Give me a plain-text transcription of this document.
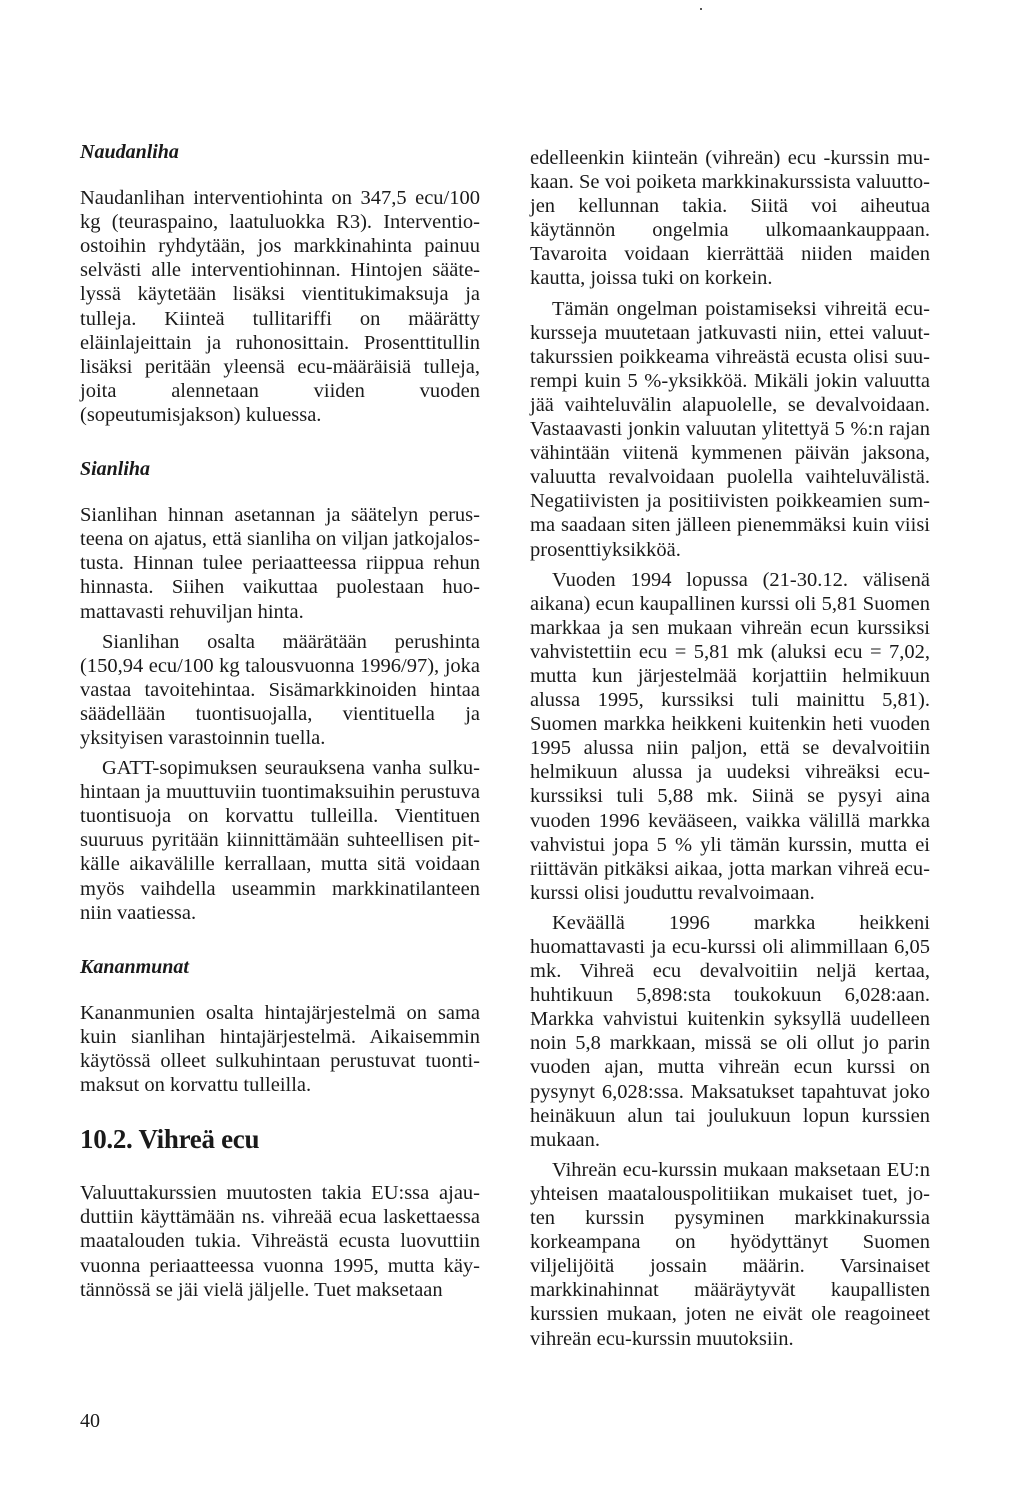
Naudanliha

Naudanlihan interventiohinta on 347,5 ecu/100 kg (teuraspaino, laatuluokka R3). Interventioostoihin ryhdytään, jos markkinahinta painuu selvästi alle interventiohinnan. Hintojen säätelyssä käytetään lisäksi vientitukimaksuja ja tulleja. Kiinteä tullitariffi on määrätty eläinlajeittain ja ruhonosittain. Prosenttitullin lisäksi peritään yleensä ecu-määräisiä tulleja, joita alennetaan viiden vuoden (sopeutumisjakson) kuluessa.

Sianliha

Sianlihan hinnan asetannan ja säätelyn perusteena on ajatus, että sianliha on viljan jatkojalostusta. Hinnan tulee periaatteessa riippua rehun hinnasta. Siihen vaikuttaa puolestaan huomattavasti rehuviljan hinta.

Sianlihan osalta määrätään perushinta (150,94 ecu/100 kg talousvuonna 1996/97), joka vastaa tavoitehintaa. Sisämarkkinoiden hintaa säädellään tuontisuojalla, vientituella ja yksityisen varastoinnin tuella.

GATT-sopimuksen seurauksena vanha sulkuhintaan ja muuttuviin tuontimaksuihin perustuva tuontisuoja on korvattu tulleilla. Vientituen suuruus pyritään kiinnittämään suhteellisen pitkälle aikavälille kerrallaan, mutta sitä voidaan myös vaihdella useammin markkinatilanteen niin vaatiessa.

Kananmunat

Kananmunien osalta hintajärjestelmä on sama kuin sianlihan hintajärjestelmä. Aikaisemmin käytössä olleet sulkuhintaan perustuvat tuontimaksut on korvattu tulleilla.

10.2. Vihreä ecu

Valuuttakurssien muutosten takia EU:ssa ajauduttiin käyttämään ns. vihreää ecua laskettaessa maatalouden tukia. Vihreästä ecusta luovuttiin vuonna periaatteessa vuonna 1995, mutta käytännössä se jäi vielä jäljelle. Tuet maksetaan

edelleenkin kiinteän (vihreän) ecu -kurssin mukaan. Se voi poiketa markkinakurssista valuuttojen kellunnan takia. Siitä voi aiheutua käytännön ongelmia ulkomaankauppaan. Tavaroita voidaan kierrättää niiden maiden kautta, joissa tuki on korkein.

Tämän ongelman poistamiseksi vihreitä ecukursseja muutetaan jatkuvasti niin, ettei valuuttakurssien poikkeama vihreästä ecusta olisi suurempi kuin 5 %-yksikköä. Mikäli jokin valuutta jää vaihteluvälin alapuolelle, se devalvoidaan. Vastaavasti jonkin valuutan ylitettyä 5 %:n rajan vähintään viitenä kymmenen päivän jaksona, valuutta revalvoidaan puolella vaihteluvälistä. Negatiivisten ja positiivisten poikkeamien summa saadaan siten jälleen pienemmäksi kuin viisi prosenttiyksikköä.

Vuoden 1994 lopussa (21-30.12. välisenä aikana) ecun kaupallinen kurssi oli 5,81 Suomen markkaa ja sen mukaan vihreän ecun kurssiksi vahvistettiin ecu = 5,81 mk (aluksi ecu = 7,02, mutta kun järjestelmää korjattiin helmikuun alussa 1995, kurssiksi tuli mainittu 5,81). Suomen markka heikkeni kuitenkin heti vuoden 1995 alussa niin paljon, että se devalvoitiin helmikuun alussa ja uudeksi vihreäksi ecu-kurssiksi tuli 5,88 mk. Siinä se pysyi aina vuoden 1996 kevääseen, vaikka välillä markka vahvistui jopa 5 % yli tämän kurssin, mutta ei riittävän pitkäksi aikaa, jotta markan vihreä ecu-kurssi olisi jouduttu revalvoimaan.

Keväällä 1996 markka heikkeni huomattavasti ja ecu-kurssi oli alimmillaan 6,05 mk. Vihreä ecu devalvoitiin neljä kertaa, huhtikuun 5,898:sta toukokuun 6,028:aan. Markka vahvistui kuitenkin syksyllä uudelleen noin 5,8 markkaan, missä se oli ollut jo parin vuoden ajan, mutta vihreän ecun kurssi on pysynyt 6,028:ssa. Maksatukset tapahtuvat joko heinäkuun alun tai joulukuun lopun kurssien mukaan.

Vihreän ecu-kurssin mukaan maksetaan EU:n yhteisen maatalouspolitiikan mukaiset tuet, joten kurssin pysyminen markkinakurssia korkeampana on hyödyttänyt Suomen viljelijöitä jossain määrin. Varsinaiset markkinahinnat määräytyvät kaupallisten kurssien mukaan, joten ne eivät ole reagoineet vihreän ecu-kurssin muutoksiin.

40
